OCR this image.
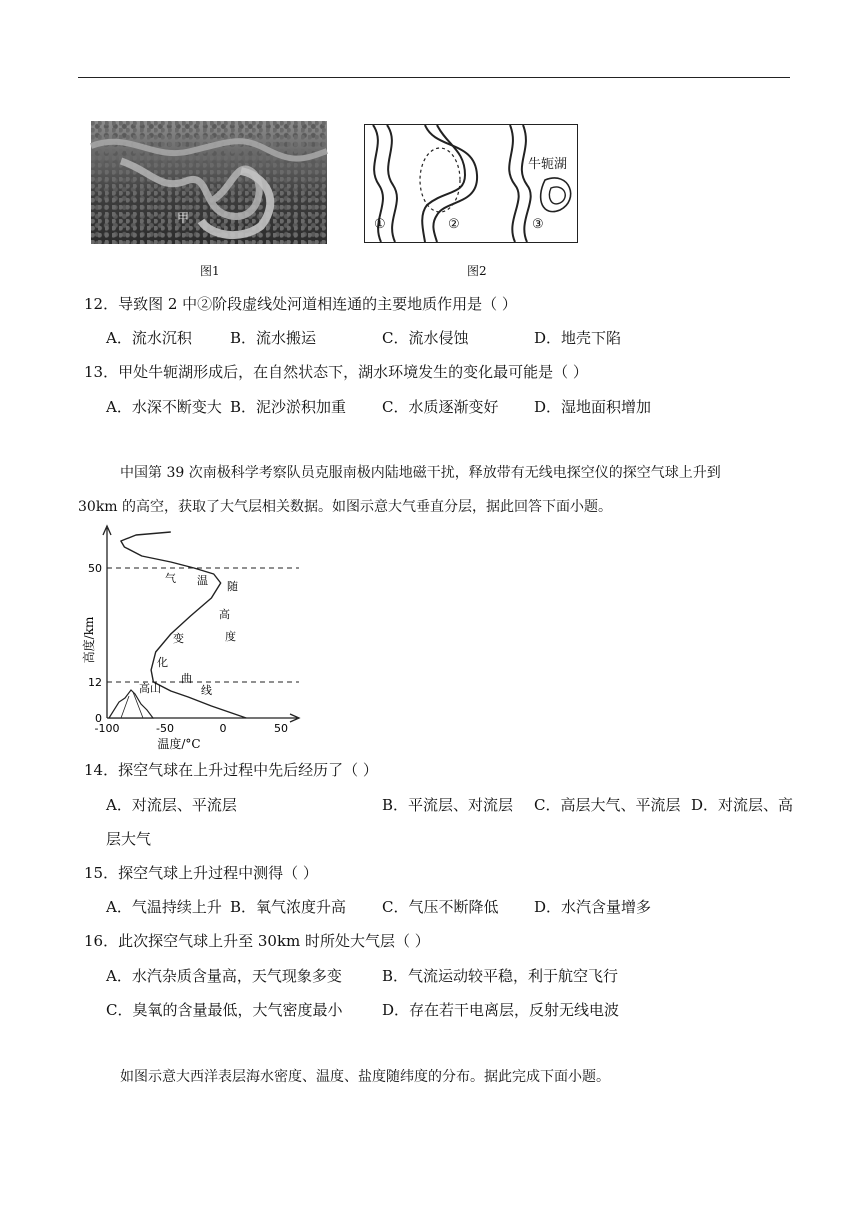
甲
图1
①	②	③
牛轭湖
图2
12．导致图 2 中②阶段虚线处河道相连通的主要地质作用是（ ）
A．流水沉积	B．流水搬运	C．流水侵蚀	D．地壳下陷
13．甲处牛轭湖形成后，在自然状态下，湖水环境发生的变化最可能是（ ）
A．水深不断变大 B．泥沙淤积加重 C．水质逐渐变好 D．湿地面积增加
中国第 39 次南极科学考察队员克服南极内陆地磁干扰，释放带有无线电探空仪的探空气球上升到
30km 的高空，获取了大气层相关数据。如图示意大气垂直分层，据此回答下面小题。
-100	-50	0	50
0
12
50
温度/°C
高度/km
气 温 随
高
度
变
化
曲
线
高山
14．探空气球在上升过程中先后经历了（ ）
A．对流层、平流层	B．平流层、对流层 C．高层大气、平流层 D．对流层、高
层大气
15．探空气球上升过程中测得（ ）
A．气温持续上升 B．氧气浓度升高 C．气压不断降低 D．水汽含量增多
16．此次探空气球上升至 30km 时所处大气层（ ）
A．水汽杂质含量高，天气现象多变	B．气流运动较平稳，利于航空飞行
C．臭氧的含量最低，大气密度最小	D．存在若干电离层，反射无线电波
如图示意大西洋表层海水密度、温度、盐度随纬度的分布。据此完成下面小题。
